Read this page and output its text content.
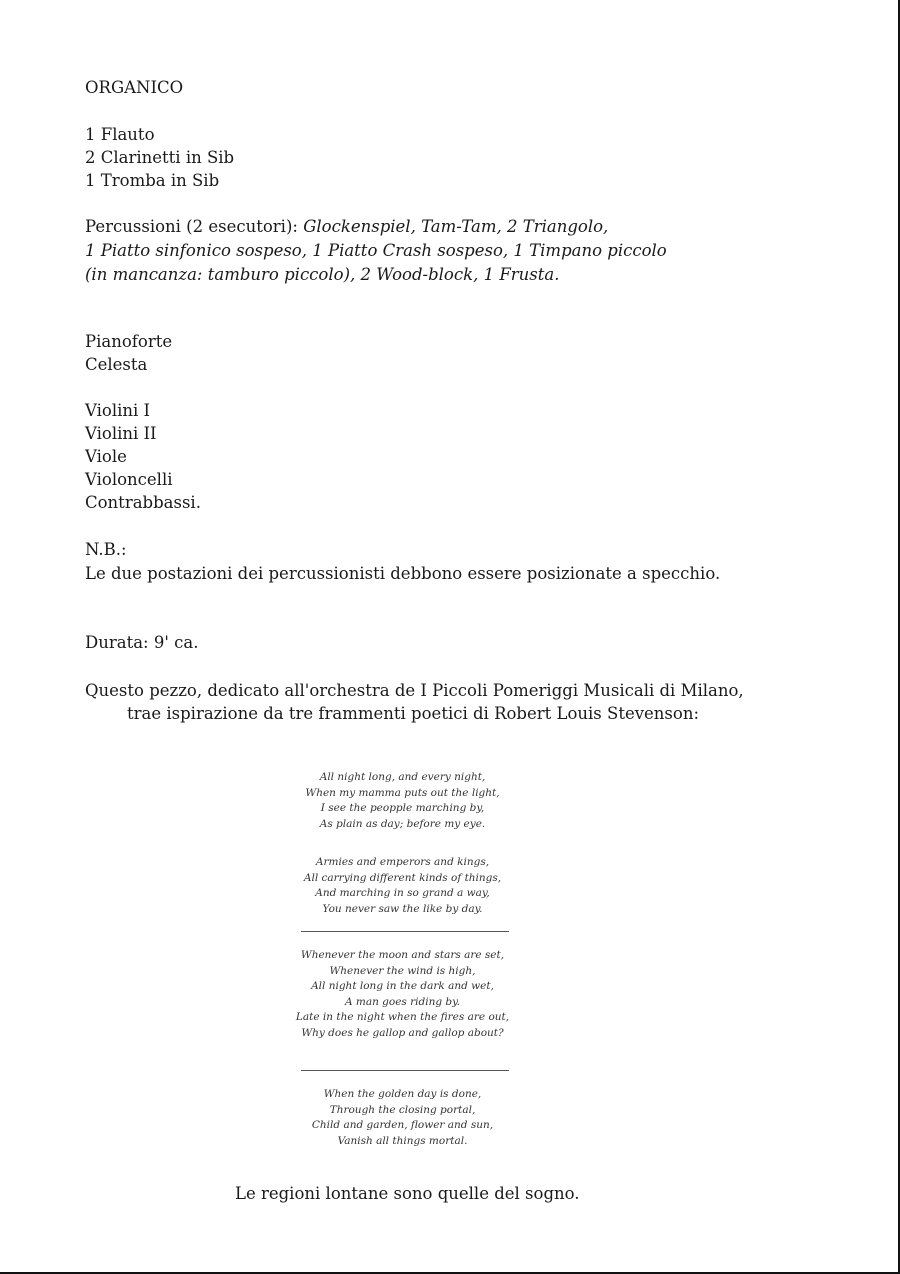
ORGANICO
1 Flauto
2 Clarinetti in Sib
1 Tromba in Sib
Percussioni (2 esecutori): Glockenspiel, Tam-Tam, 2 Triangolo,
1 Piatto sinfonico sospeso, 1 Piatto Crash sospeso, 1 Timpano piccolo
(in mancanza: tamburo piccolo), 2 Wood-block, 1 Frusta.
Pianoforte
Celesta
Violini I
Violini II
Viole
Violoncelli
Contrabbassi.
N.B.:
Le due postazioni dei percussionisti debbono essere posizionate a specchio.
Durata: 9' ca.
Questo pezzo, dedicato all'orchestra de I Piccoli Pomeriggi Musicali di Milano,
trae ispirazione da tre frammenti poetici di Robert Louis Stevenson:
All night long, and every night,
When my mamma puts out the light,
I see the peopple marching by,
As plain as day; before my eye.
Armies and emperors and kings,
All carrying different kinds of things,
And marching in so grand a way,
You never saw the like by day.
Whenever the moon and stars are set,
Whenever the wind is high,
All night long in the dark and wet,
A man goes riding by.
Late in the night when the fires are out,
Why does he gallop and gallop about?
When the golden day is done,
Through the closing portal,
Child and garden, flower and sun,
Vanish all things mortal.
Le regioni lontane sono quelle del sogno.
